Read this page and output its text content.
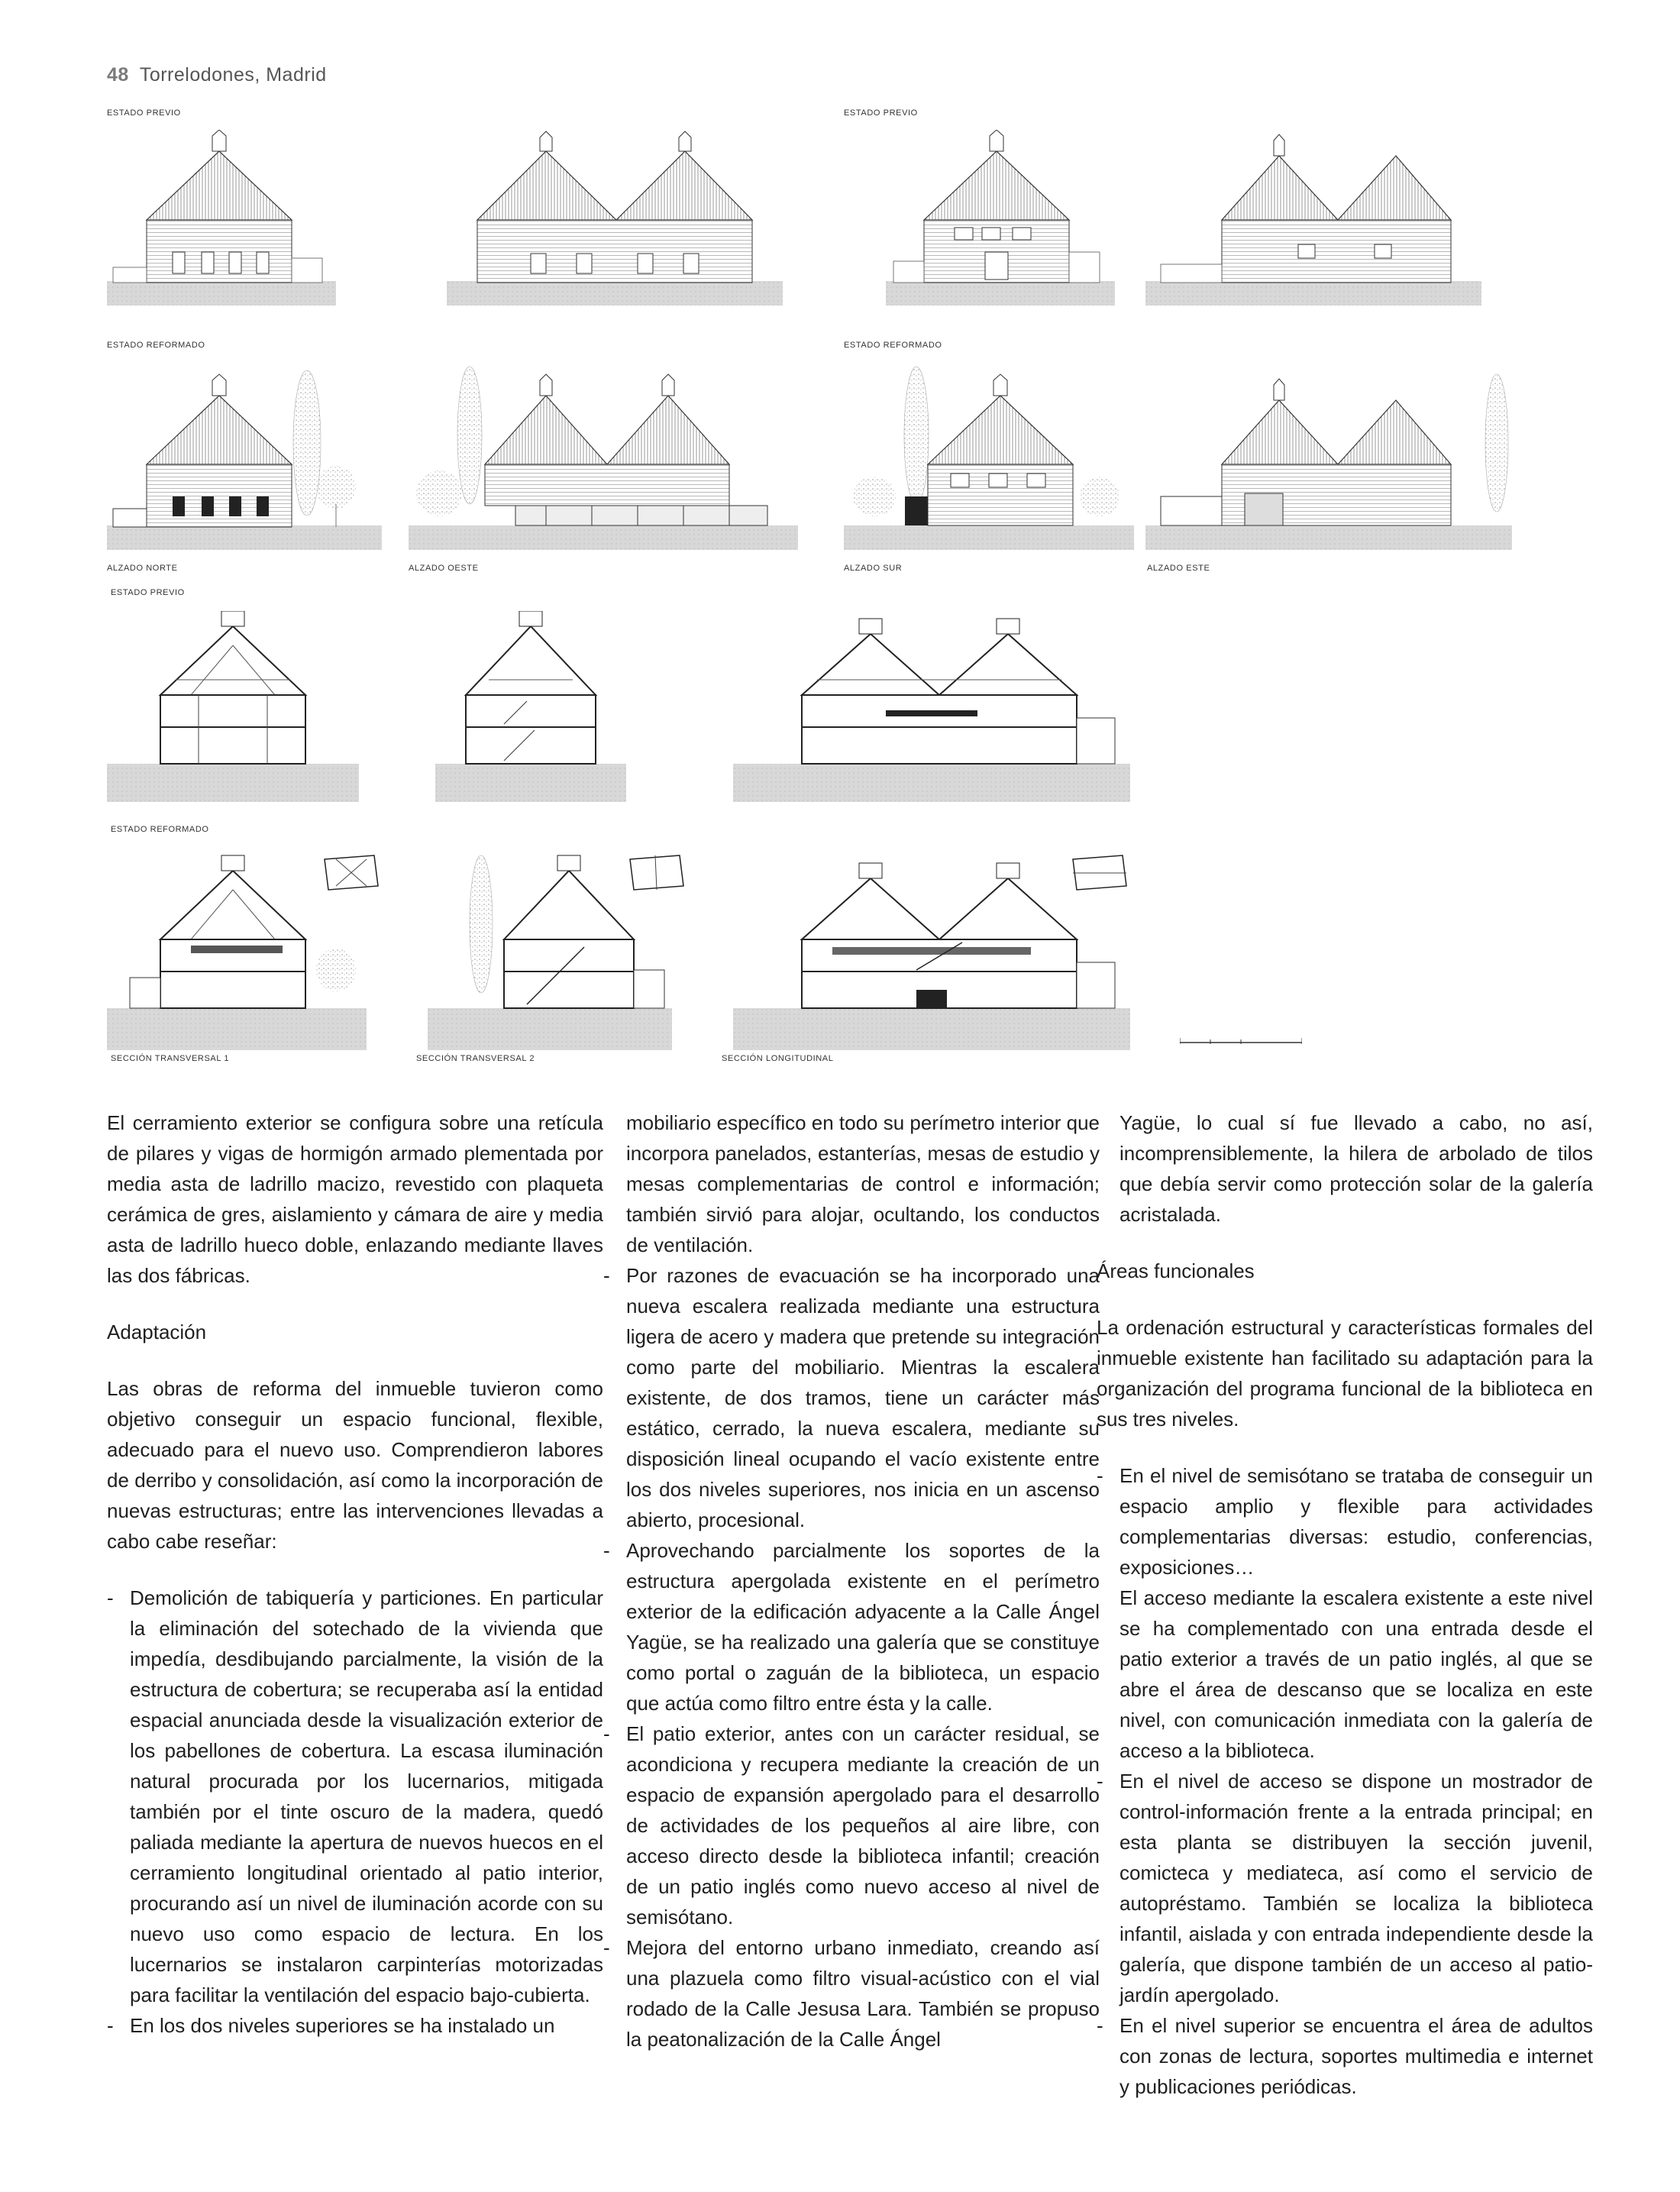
48 Torrelodones, Madrid
ESTADO PREVIO	ESTADO PREVIO
ESTADO REFORMADO	ESTADO REFORMADO
ALZADO NORTE	ALZADO OESTE	ALZADO SUR	ALZADO ESTE
ESTADO PREVIO
ESTADO REFORMADO
SECCIÓN TRANSVERSAL 1	SECCIÓN TRANSVERSAL 2	SECCIÓN LONGITUDINAL

El cerramiento exterior se configura sobre una retícula de pilares y vigas de hormigón armado plementada por media asta de ladrillo macizo, revestido con plaqueta cerámica de gres, aislamiento y cámara de aire y media asta de ladrillo hueco doble, enlazando mediante llaves las dos fábricas.

Adaptación

Las obras de reforma del inmueble tuvieron como objetivo conseguir un espacio funcional, flexible, adecuado para el nuevo uso. Comprendieron labores de derribo y consolidación, así como la incorporación de nuevas estructuras; entre las intervenciones llevadas a cabo cabe reseñar:

- Demolición de tabiquería y particiones. En particular la eliminación del sotechado de la vivienda que impedía, desdibujando parcialmente, la visión de la estructura de cobertura; se recuperaba así la entidad espacial anunciada desde la visualización exterior de los pabellones de cobertura. La escasa iluminación natural procurada por los lucernarios, mitigada también por el tinte oscuro de la madera, quedó paliada mediante la apertura de nuevos huecos en el cerramiento longitudinal orientado al patio interior, procurando así un nivel de iluminación acorde con su nuevo uso como espacio de lectura. En los lucernarios se instalaron carpinterías motorizadas para facilitar la ventilación del espacio bajo-cubierta.
- En los dos niveles superiores se ha instalado un
mobiliario específico en todo su perímetro interior que incorpora panelados, estanterías, mesas de estudio y mesas complementarias de control e información; también sirvió para alojar, ocultando, los conductos de ventilación.
- Por razones de evacuación se ha incorporado una nueva escalera realizada mediante una estructura ligera de acero y madera que pretende su integración como parte del mobiliario. Mientras la escalera existente, de dos tramos, tiene un carácter más estático, cerrado, la nueva escalera, mediante su disposición lineal ocupando el vacío existente entre los dos niveles superiores, nos inicia en un ascenso abierto, procesional.
- Aprovechando parcialmente los soportes de la estructura apergolada existente en el perímetro exterior de la edificación adyacente a la Calle Ángel Yagüe, se ha realizado una galería que se constituye como portal o zaguán de la biblioteca, un espacio que actúa como filtro entre ésta y la calle.
- El patio exterior, antes con un carácter residual, se acondiciona y recupera mediante la creación de un espacio de expansión apergolado para el desarrollo de actividades de los pequeños al aire libre, con acceso directo desde la biblioteca infantil; creación de un patio inglés como nuevo acceso al nivel de semisótano.
- Mejora del entorno urbano inmediato, creando así una plazuela como filtro visual-acústico con el vial rodado de la Calle Jesusa Lara. También se propuso la peatonalización de la Calle Ángel
Yagüe, lo cual sí fue llevado a cabo, no así, incomprensiblemente, la hilera de arbolado de tilos que debía servir como protección solar de la galería acristalada.
Áreas funcionales

La ordenación estructural y características formales del inmueble existente han facilitado su adaptación para la organización del programa funcional de la biblioteca en sus tres niveles.

- En el nivel de semisótano se trataba de conseguir un espacio amplio y flexible para actividades complementarias diversas: estudio, conferencias, exposiciones…
El acceso mediante la escalera existente a este nivel se ha complementado con una entrada desde el patio exterior a través de un patio inglés, al que se abre el área de descanso que se localiza en este nivel, con comunicación inmediata con la galería de acceso a la biblioteca.
- En el nivel de acceso se dispone un mostrador de control-información frente a la entrada principal; en esta planta se distribuyen la sección juvenil, comicteca y mediateca, así como el servicio de autopréstamo. También se localiza la biblioteca infantil, aislada y con entrada independiente desde la galería, que dispone también de un acceso al patio-jardín apergolado.
- En el nivel superior se encuentra el área de adultos con zonas de lectura, soportes multimedia e internet y publicaciones periódicas.
